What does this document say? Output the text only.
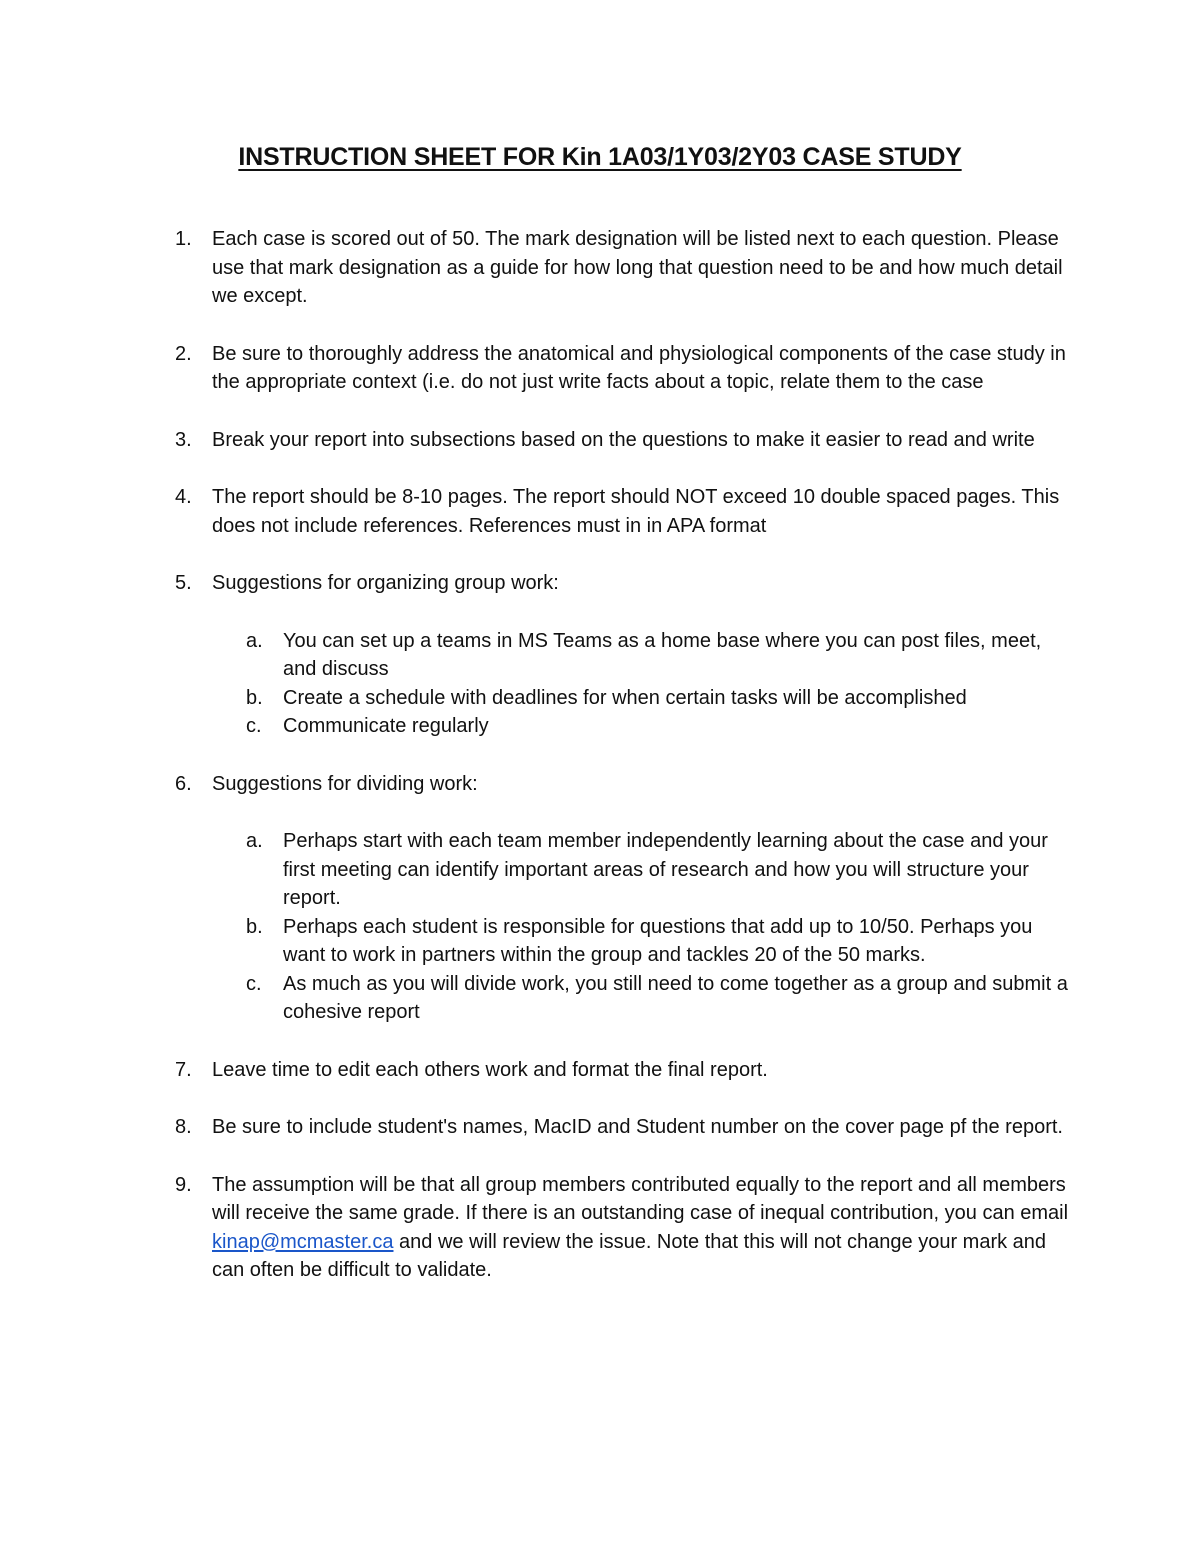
INSTRUCTION SHEET FOR Kin 1A03/1Y03/2Y03 CASE STUDY
1. Each case is scored out of 50. The mark designation will be listed next to each question. Please use that mark designation as a guide for how long that question need to be and how much detail we except.
2. Be sure to thoroughly address the anatomical and physiological components of the case study in the appropriate context (i.e. do not just write facts about a topic, relate them to the case
3. Break your report into subsections based on the questions to make it easier to read and write
4. The report should be 8-10 pages. The report should NOT exceed 10 double spaced pages. This does not include references. References must in in APA format
5. Suggestions for organizing group work:
a. You can set up a teams in MS Teams as a home base where you can post files, meet, and discuss
b. Create a schedule with deadlines for when certain tasks will be accomplished
c. Communicate regularly
6. Suggestions for dividing work:
a. Perhaps start with each team member independently learning about the case and your first meeting can identify important areas of research and how you will structure your report.
b. Perhaps each student is responsible for questions that add up to 10/50. Perhaps you want to work in partners within the group and tackles 20 of the 50 marks.
c. As much as you will divide work, you still need to come together as a group and submit a cohesive report
7. Leave time to edit each others work and format the final report.
8. Be sure to include student's names, MacID and Student number on the cover page pf the report.
9. The assumption will be that all group members contributed equally to the report and all members will receive the same grade. If there is an outstanding case of inequal contribution, you can email kinap@mcmaster.ca and we will review the issue. Note that this will not change your mark and can often be difficult to validate.
